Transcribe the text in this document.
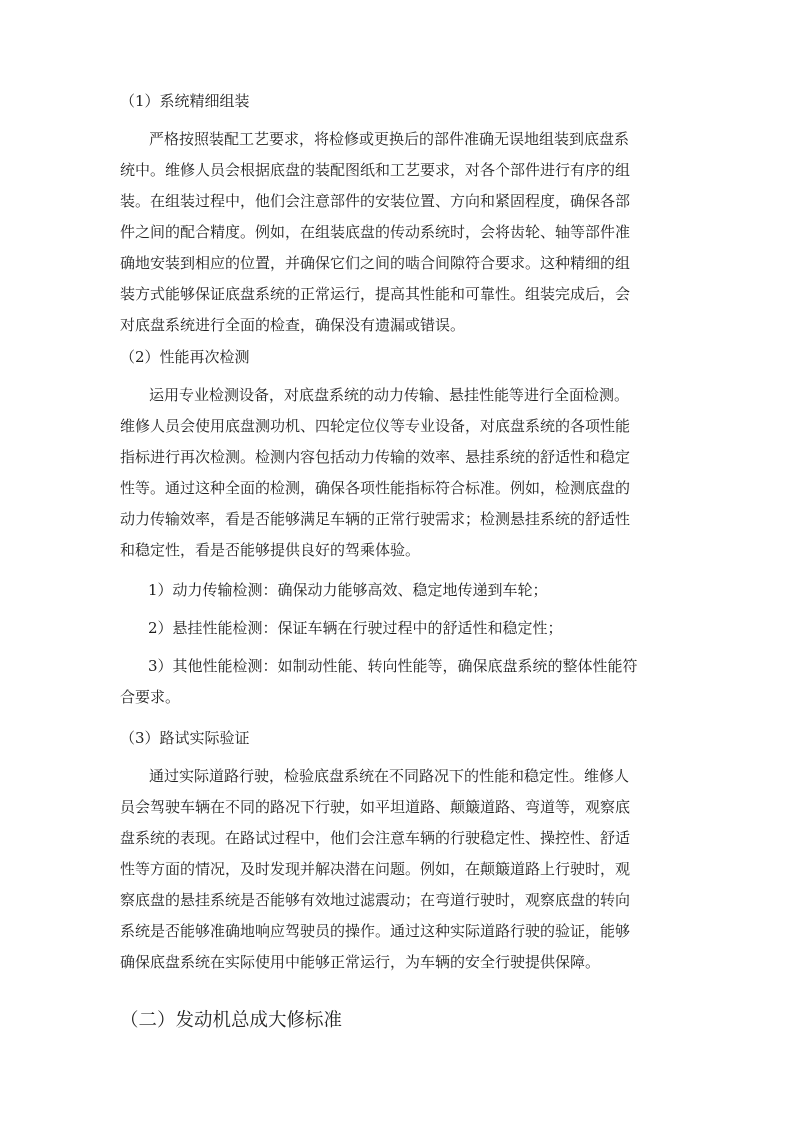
（1）系统精细组装
严格按照装配工艺要求，将检修或更换后的部件准确无误地组装到底盘系
统中。维修人员会根据底盘的装配图纸和工艺要求，对各个部件进行有序的组
装。在组装过程中，他们会注意部件的安装位置、方向和紧固程度，确保各部
件之间的配合精度。例如，在组装底盘的传动系统时，会将齿轮、轴等部件准
确地安装到相应的位置，并确保它们之间的啮合间隙符合要求。这种精细的组
装方式能够保证底盘系统的正常运行，提高其性能和可靠性。组装完成后，会
对底盘系统进行全面的检查，确保没有遗漏或错误。
（2）性能再次检测
运用专业检测设备，对底盘系统的动力传输、悬挂性能等进行全面检测。
维修人员会使用底盘测功机、四轮定位仪等专业设备，对底盘系统的各项性能
指标进行再次检测。检测内容包括动力传输的效率、悬挂系统的舒适性和稳定
性等。通过这种全面的检测，确保各项性能指标符合标准。例如，检测底盘的
动力传输效率，看是否能够满足车辆的正常行驶需求；检测悬挂系统的舒适性
和稳定性，看是否能够提供良好的驾乘体验。
1）动力传输检测：确保动力能够高效、稳定地传递到车轮；
2）悬挂性能检测：保证车辆在行驶过程中的舒适性和稳定性；
3）其他性能检测：如制动性能、转向性能等，确保底盘系统的整体性能符
合要求。
（3）路试实际验证
通过实际道路行驶，检验底盘系统在不同路况下的性能和稳定性。维修人
员会驾驶车辆在不同的路况下行驶，如平坦道路、颠簸道路、弯道等，观察底
盘系统的表现。在路试过程中，他们会注意车辆的行驶稳定性、操控性、舒适
性等方面的情况，及时发现并解决潜在问题。例如，在颠簸道路上行驶时，观
察底盘的悬挂系统是否能够有效地过滤震动；在弯道行驶时，观察底盘的转向
系统是否能够准确地响应驾驶员的操作。通过这种实际道路行驶的验证，能够
确保底盘系统在实际使用中能够正常运行，为车辆的安全行驶提供保障。
（二）发动机总成大修标准
